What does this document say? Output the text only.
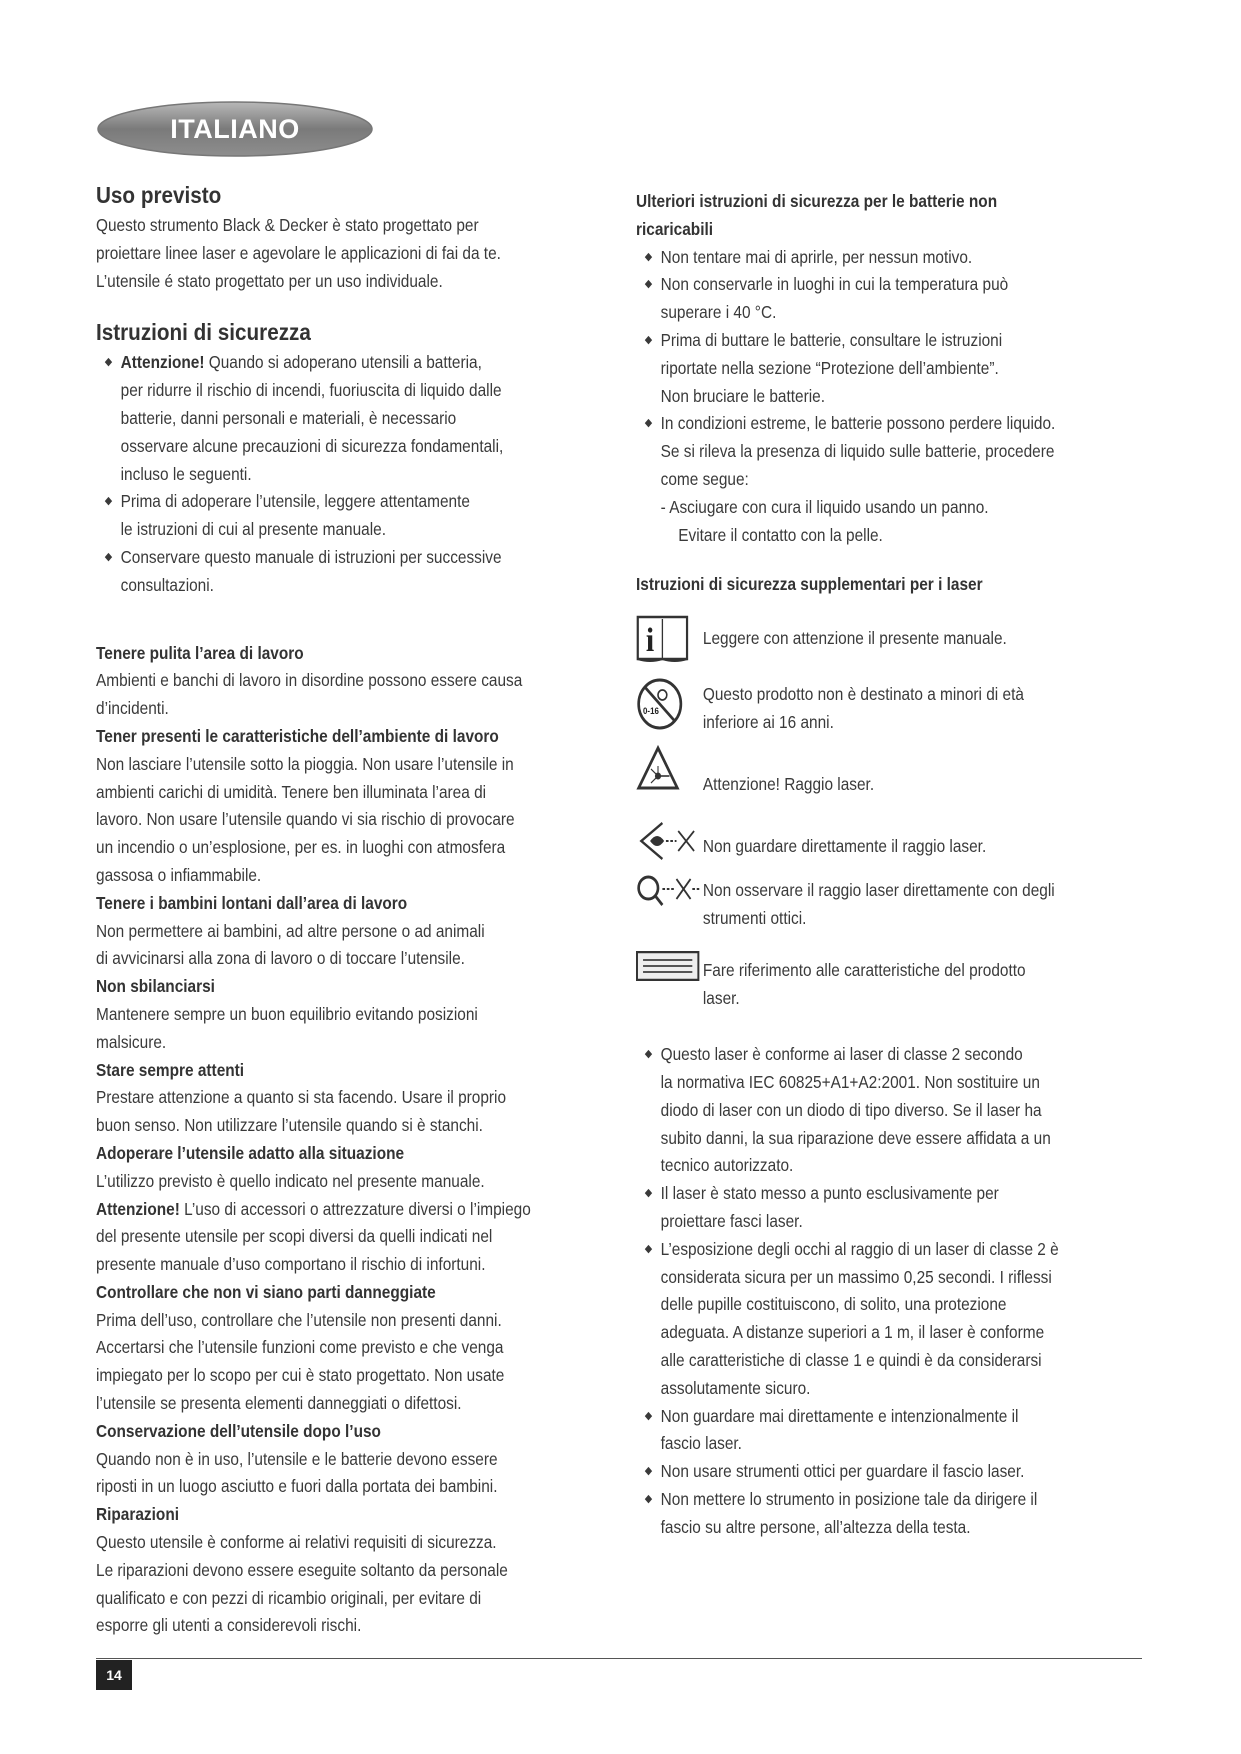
ITALIANO
Uso previsto

Questo strumento Black & Decker è stato progettato per
proiettare linee laser e agevolare le applicazioni di fai da te.
L’utensile é stato progettato per un uso individuale.

Istruzioni di sicurezza
◆ Attenzione! Quando si adoperano utensili a batteria,
per ridurre il rischio di incendi, fuoriuscita di liquido dalle
batterie, danni personali e materiali, è necessario
osservare alcune precauzioni di sicurezza fondamentali,
incluso le seguenti.
◆ Prima di adoperare l’utensile, leggere attentamente
le istruzioni di cui al presente manuale.
◆ Conservare questo manuale di istruzioni per successive
consultazioni.
Tenere pulita l’area di lavoro

Ambienti e banchi di lavoro in disordine possono essere causa
d’incidenti.

Tener presenti le caratteristiche dell’ambiente di lavoro

Non lasciare l’utensile sotto la pioggia. Non usare l’utensile in
ambienti carichi di umidità. Tenere ben illuminata l’area di
lavoro. Non usare l’utensile quando vi sia rischio di provocare
un incendio o un’esplosione, per es. in luoghi con atmosfera
gassosa o infiammabile.

Tenere i bambini lontani dall’area di lavoro

Non permettere ai bambini, ad altre persone o ad animali
di avvicinarsi alla zona di lavoro o di toccare l’utensile.

Non sbilanciarsi

Mantenere sempre un buon equilibrio evitando posizioni
malsicure.

Stare sempre attenti

Prestare attenzione a quanto si sta facendo. Usare il proprio
buon senso. Non utilizzare l’utensile quando si è stanchi.

Adoperare l’utensile adatto alla situazione

L’utilizzo previsto è quello indicato nel presente manuale.
Attenzione! L’uso di accessori o attrezzature diversi o l’impiego

del presente utensile per scopi diversi da quelli indicati nel
presente manuale d’uso comportano il rischio di infortuni.

Controllare che non vi siano parti danneggiate

Prima dell’uso, controllare che l’utensile non presenti danni.
Accertarsi che l’utensile funzioni come previsto e che venga
impiegato per lo scopo per cui è stato progettato. Non usate
l’utensile se presenta elementi danneggiati o difettosi.

Conservazione dell’utensile dopo l’uso

Quando non è in uso, l’utensile e le batterie devono essere
riposti in un luogo asciutto e fuori dalla portata dei bambini.

Riparazioni

Questo utensile è conforme ai relativi requisiti di sicurezza.
Le riparazioni devono essere eseguite soltanto da personale
qualificato e con pezzi di ricambio originali, per evitare di
esporre gli utenti a considerevoli rischi.

Ulteriori istruzioni di sicurezza per le batterie non
ricaricabili
◆ Non tentare mai di aprirle, per nessun motivo.
◆ Non conservarle in luoghi in cui la temperatura può
superare i 40 °C.
◆ Prima di buttare le batterie, consultare le istruzioni
riportate nella sezione “Protezione dell’ambiente”.
Non bruciare le batterie.
◆ In condizioni estreme, le batterie possono perdere liquido.
Se si rileva la presenza di liquido sulle batterie, procedere
come segue:
- Asciugare con cura il liquido usando un panno.
Evitare il contatto con la pelle.
Istruzioni di sicurezza supplementari per i laser
i	Leggere con attenzione il presente manuale.
0-16
Questo prodotto non è destinato a minori di età
inferiore ai 16 anni.
Attenzione! Raggio laser.
Non guardare direttamente il raggio laser.
Non osservare il raggio laser direttamente con degli
strumenti ottici.
Fare riferimento alle caratteristiche del prodotto
laser.
◆ Questo laser è conforme ai laser di classe 2 secondo
la normativa IEC 60825+A1+A2:2001. Non sostituire un
diodo di laser con un diodo di tipo diverso. Se il laser ha
subito danni, la sua riparazione deve essere affidata a un
tecnico autorizzato.
◆ Il laser è stato messo a punto esclusivamente per
proiettare fasci laser.
◆ L’esposizione degli occhi al raggio di un laser di classe 2 è
considerata sicura per un massimo 0,25 secondi. I riflessi
delle pupille costituiscono, di solito, una protezione
adeguata. A distanze superiori a 1 m, il laser è conforme
alle caratteristiche di classe 1 e quindi è da considerarsi
assolutamente sicuro.
◆ Non guardare mai direttamente e intenzionalmente il
fascio laser.
◆ Non usare strumenti ottici per guardare il fascio laser.
◆ Non mettere lo strumento in posizione tale da dirigere il
fascio su altre persone, all’altezza della testa.
14
